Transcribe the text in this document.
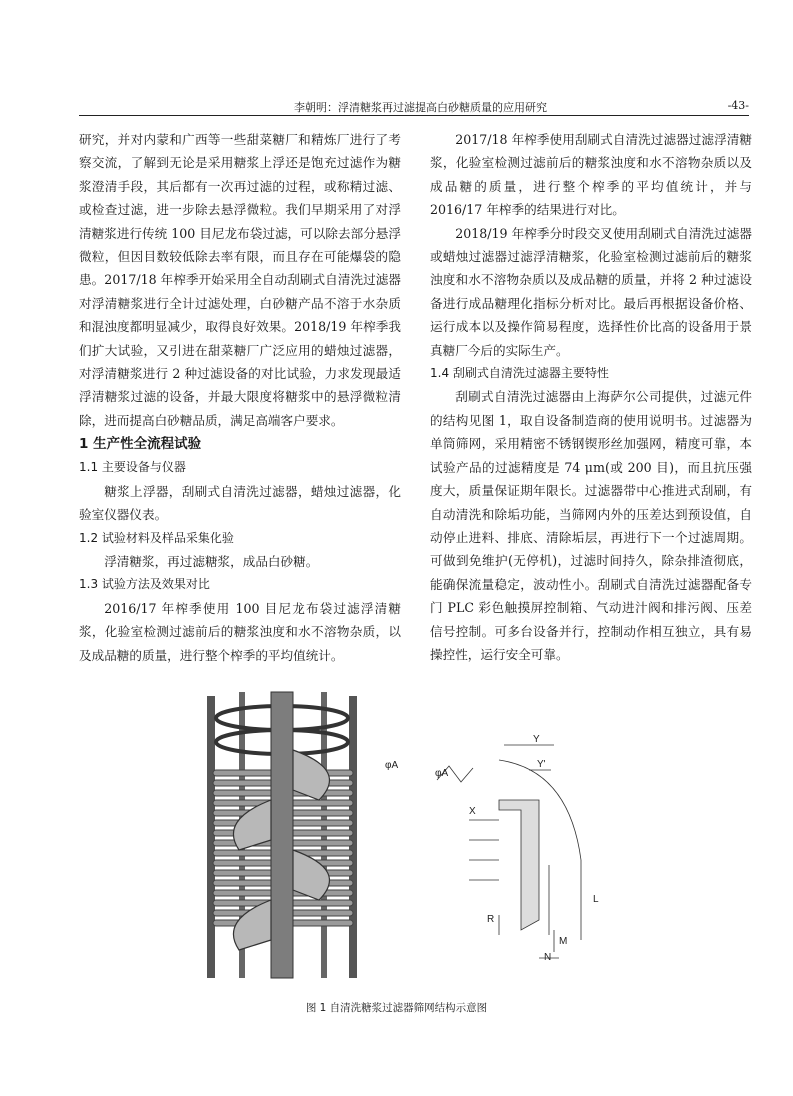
李朝明：浮清糖浆再过滤提高白砂糖质量的应用研究	-43-

研究，并对内蒙和广西等一些甜菜糖厂和精炼厂进行了考察交流，了解到无论是采用糖浆上浮还是饱充过滤作为糖浆澄清手段，其后都有一次再过滤的过程，或称精过滤、或检查过滤，进一步除去悬浮微粒。我们早期采用了对浮清糖浆进行传统 100 目尼龙布袋过滤，可以除去部分悬浮微粒，但因目数较低除去率有限，而且存在可能爆袋的隐患。2017/18 年榨季开始采用全自动刮刷式自清洗过滤器对浮清糖浆进行全计过滤处理，白砂糖产品不溶于水杂质和混浊度都明显减少，取得良好效果。2018/19 年榨季我们扩大试验，又引进在甜菜糖厂广泛应用的蜡烛过滤器，对浮清糖浆进行 2 种过滤设备的对比试验，力求发现最适浮清糖浆过滤的设备，并最大限度将糖浆中的悬浮微粒清除，进而提高白砂糖品质，满足高端客户要求。

1 生产性全流程试验
1.1 主要设备与仪器

糖浆上浮器，刮刷式自清洗过滤器，蜡烛过滤器，化验室仪器仪表。

1.2 试验材料及样品采集化验

浮清糖浆，再过滤糖浆，成品白砂糖。

1.3 试验方法及效果对比

2016/17 年榨季使用 100 目尼龙布袋过滤浮清糖浆，化验室检测过滤前后的糖浆浊度和水不溶物杂质，以及成品糖的质量，进行整个榨季的平均值统计。

2017/18 年榨季使用刮刷式自清洗过滤器过滤浮清糖浆，化验室检测过滤前后的糖浆浊度和水不溶物杂质以及成品糖的质量，进行整个榨季的平均值统计，并与 2016/17 年榨季的结果进行对比。

2018/19 年榨季分时段交叉使用刮刷式自清洗过滤器或蜡烛过滤器过滤浮清糖浆，化验室检测过滤前后的糖浆浊度和水不溶物杂质以及成品糖的质量，并将 2 种过滤设备进行成品糖理化指标分析对比。最后再根据设备价格、运行成本以及操作简易程度，选择性价比高的设备用于景真糖厂今后的实际生产。

1.4 刮刷式自清洗过滤器主要特性

刮刷式自清洗过滤器由上海萨尔公司提供，过滤元件的结构见图 1，取自设备制造商的使用说明书。过滤器为单筒筛网，采用精密不锈钢锲形丝加强网，精度可靠，本试验产品的过滤精度是 74 μm(或 200 目)，而且抗压强度大，质量保证期年限长。过滤器带中心推进式刮刷，有自动清洗和除垢功能，当筛网内外的压差达到预设值，自动停止进料、排底、清除垢层，再进行下一个过滤周期。可做到免维护(无停机)，过滤时间持久，除杂排渣彻底，能确保流量稳定，波动性小。刮刷式自清洗过滤器配备专门 PLC 彩色触摸屏控制箱、气动进汁阀和排污阀、压差信号控制。可多台设备并行，控制动作相互独立，具有易操控性，运行安全可靠。

φA
φA
Y
Y'
X
R
L
M
N
图 1 自清洗糖浆过滤器筛网结构示意图
